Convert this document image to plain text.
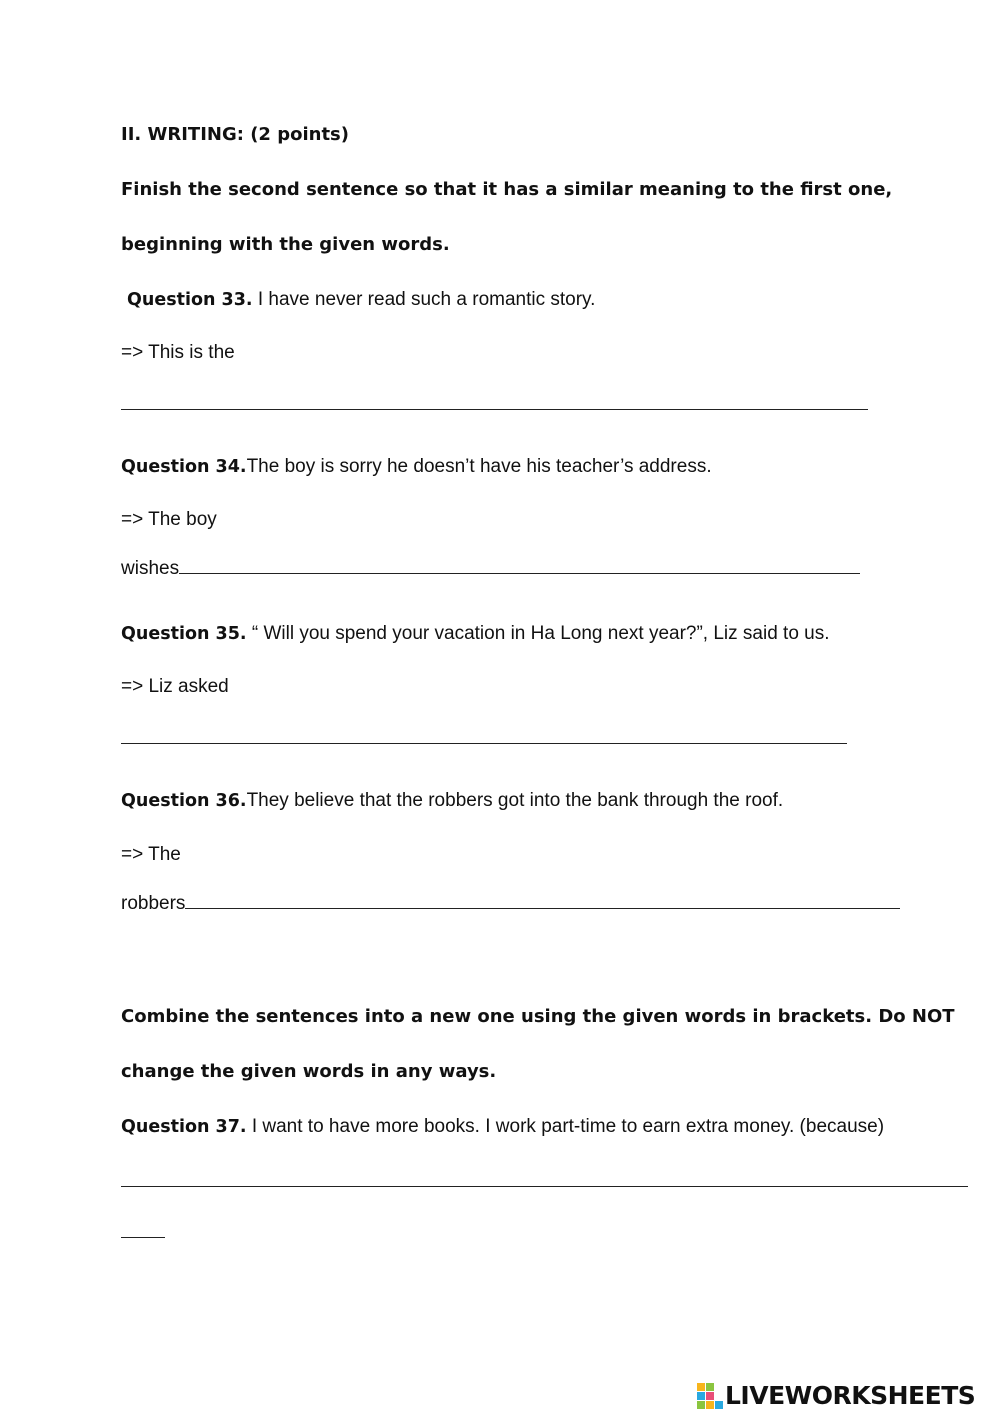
II. WRITING: (2 points)
Finish the second sentence so that it has a similar meaning to the first one,
beginning with the given words.
Question 33. I have never read such a romantic story.
=> This is the
Question 34.The boy is sorry he doesn’t have his teacher’s address.
=> The boy
wishes
Question 35. “ Will you spend your vacation in Ha Long next year?”, Liz said to us.
=> Liz asked
Question 36.They believe that the robbers got into the bank through the roof.
=> The
robbers
Combine the sentences into a new one using the given words in brackets. Do NOT
change the given words in any ways.
Question 37. I want to have more books. I work part-time to earn extra money. (because)
LIVEWORKSHEETS
